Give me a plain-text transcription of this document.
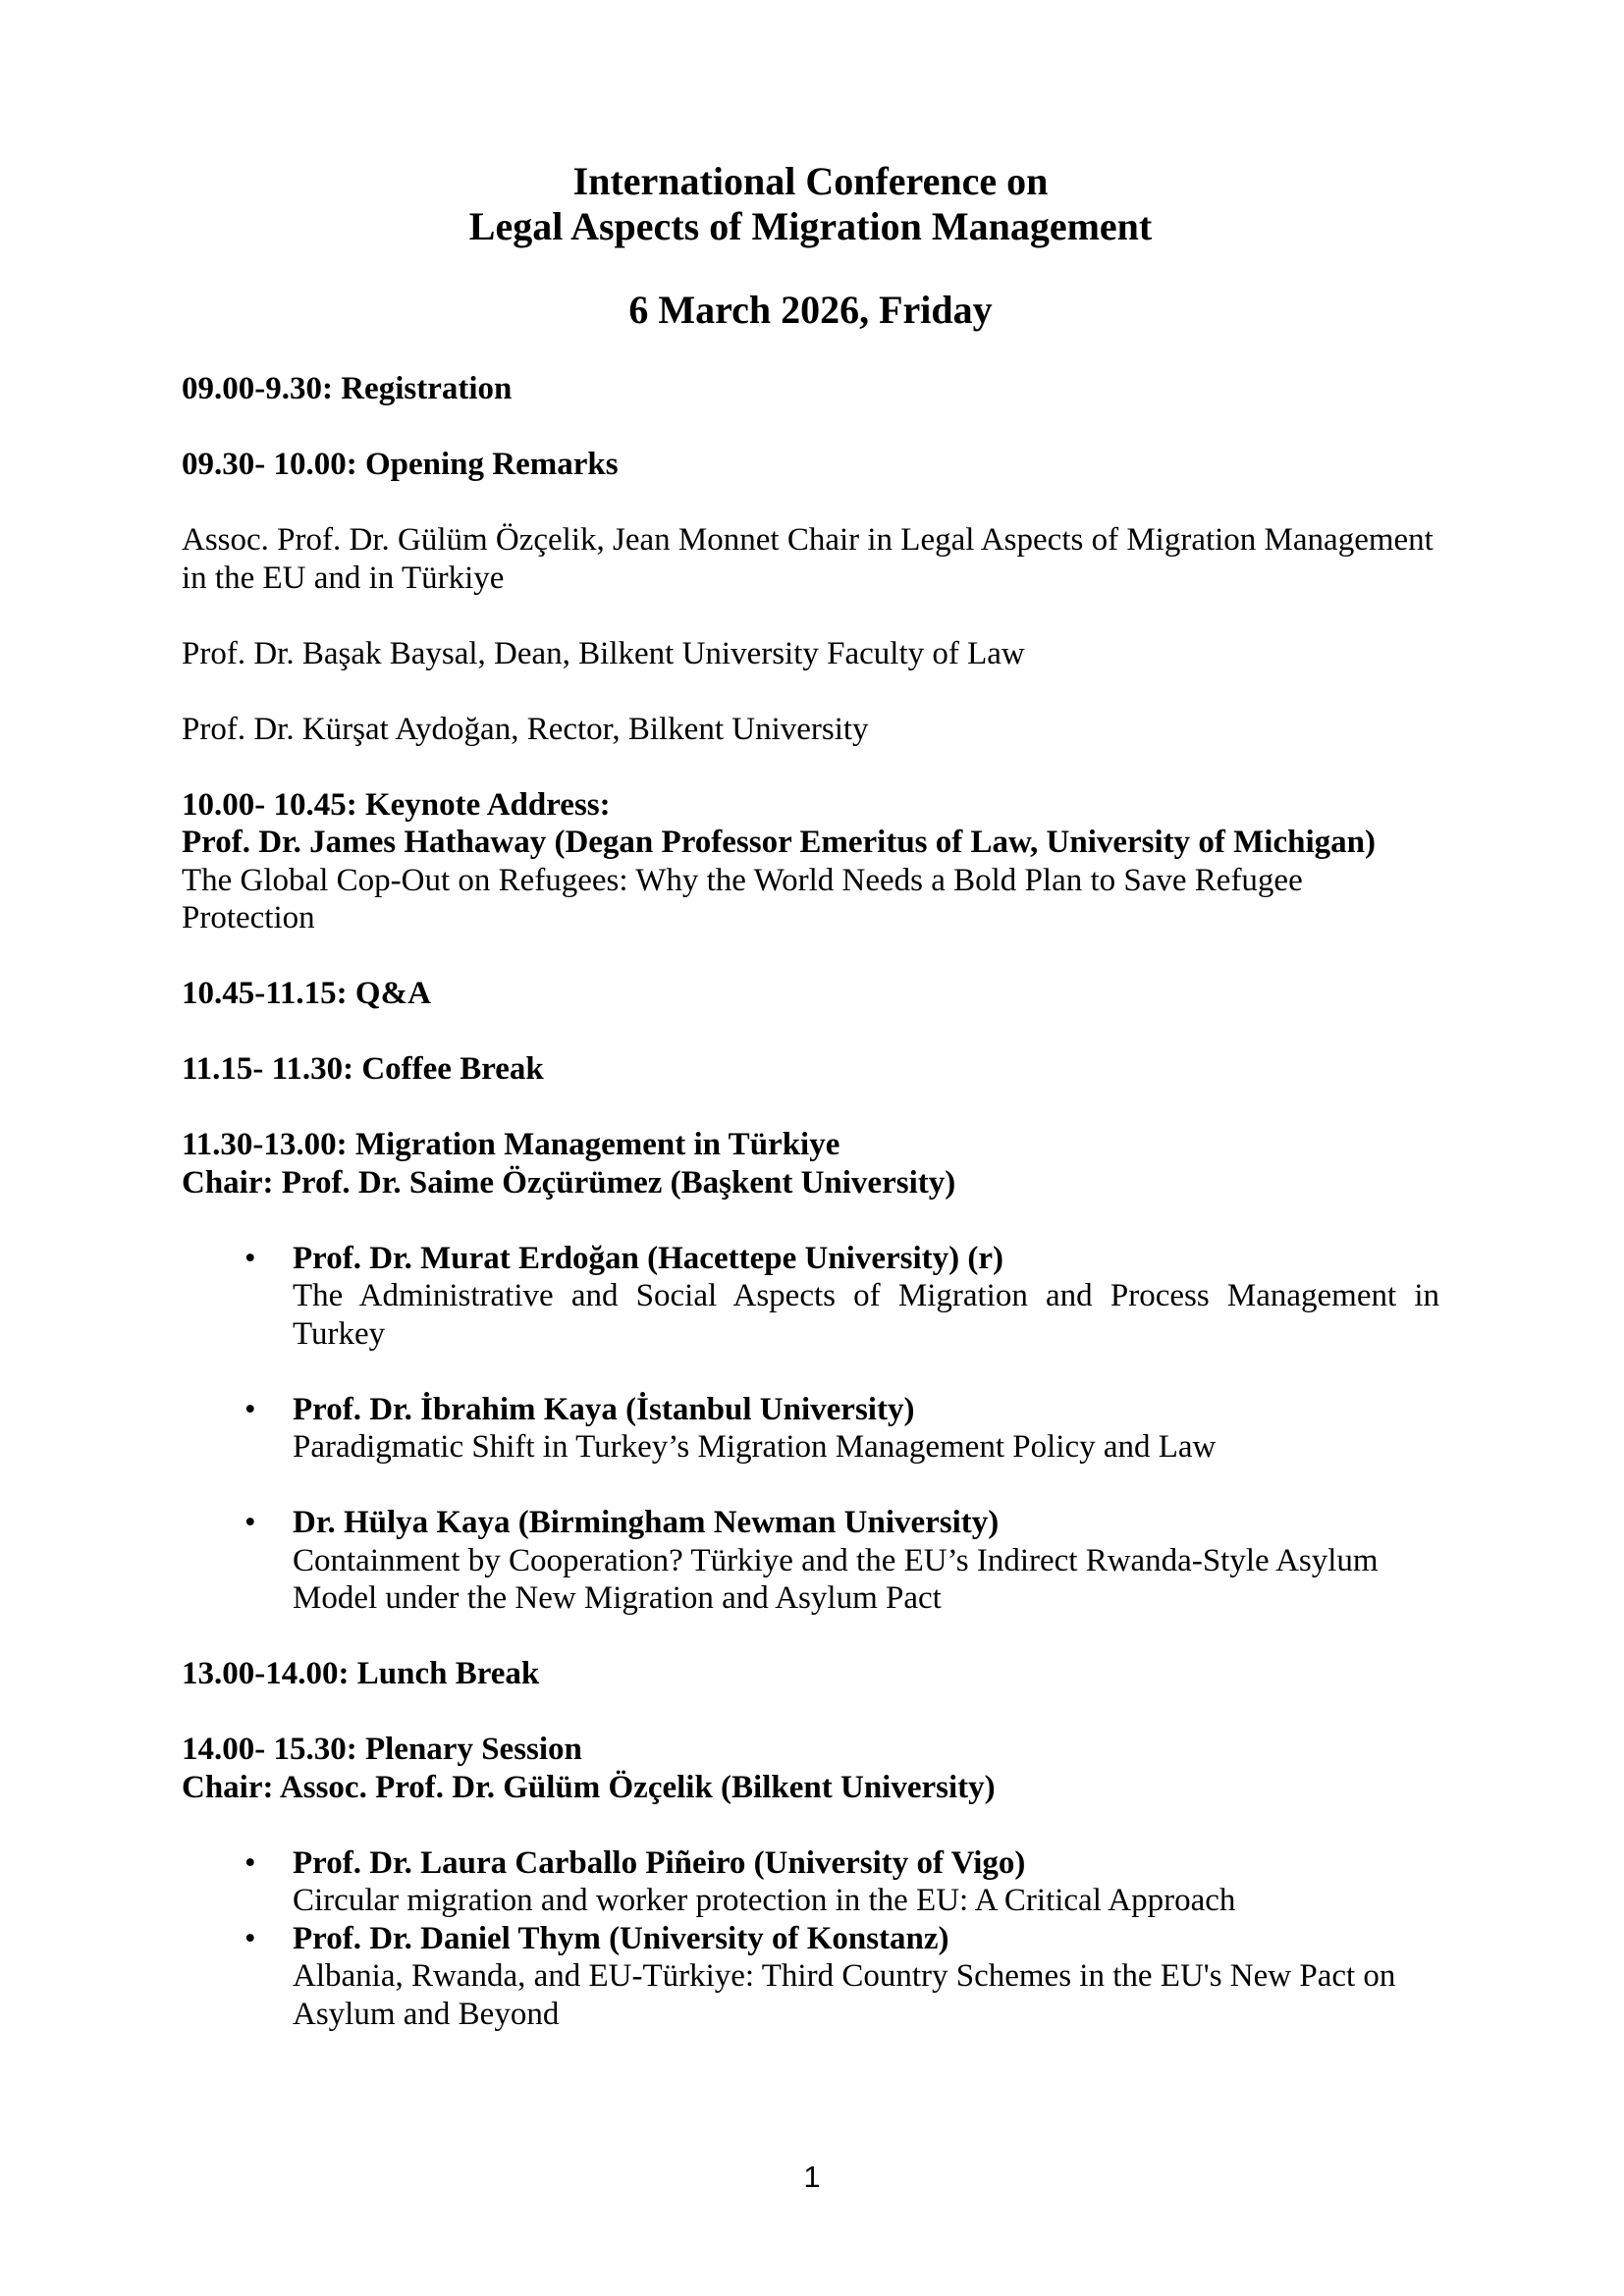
International Conference on
Legal Aspects of Migration Management
6 March 2026, Friday

09.00-9.30: Registration

09.30- 10.00: Opening Remarks

Assoc. Prof. Dr. Gülüm Özçelik, Jean Monnet Chair in Legal Aspects of Migration Management in the EU and in Türkiye

Prof. Dr. Başak Baysal, Dean, Bilkent University Faculty of Law

Prof. Dr. Kürşat Aydoğan, Rector, Bilkent University

10.00- 10.45: Keynote Address:

Prof. Dr. James Hathaway (Degan Professor Emeritus of Law, University of Michigan)

The Global Cop-Out on Refugees: Why the World Needs a Bold Plan to Save Refugee Protection

10.45-11.15: Q&A

11.15- 11.30: Coffee Break

11.30-13.00: Migration Management in Türkiye

Chair: Prof. Dr. Saime Özçürümez (Başkent University)

• Prof. Dr. Murat Erdoğan (Hacettepe University) (r)

The Administrative and Social Aspects of Migration and Process Management in Turkey

• Prof. Dr. İbrahim Kaya (İstanbul University)

Paradigmatic Shift in Turkey’s Migration Management Policy and Law

• Dr. Hülya Kaya (Birmingham Newman University)

Containment by Cooperation? Türkiye and the EU’s Indirect Rwanda-Style Asylum Model under the New Migration and Asylum Pact

13.00-14.00: Lunch Break

14.00- 15.30: Plenary Session

Chair: Assoc. Prof. Dr. Gülüm Özçelik (Bilkent University)

• Prof. Dr. Laura Carballo Piñeiro (University of Vigo)

Circular migration and worker protection in the EU: A Critical Approach

• Prof. Dr. Daniel Thym (University of Konstanz)

Albania, Rwanda, and EU-Türkiye: Third Country Schemes in the EU's New Pact on Asylum and Beyond

1
